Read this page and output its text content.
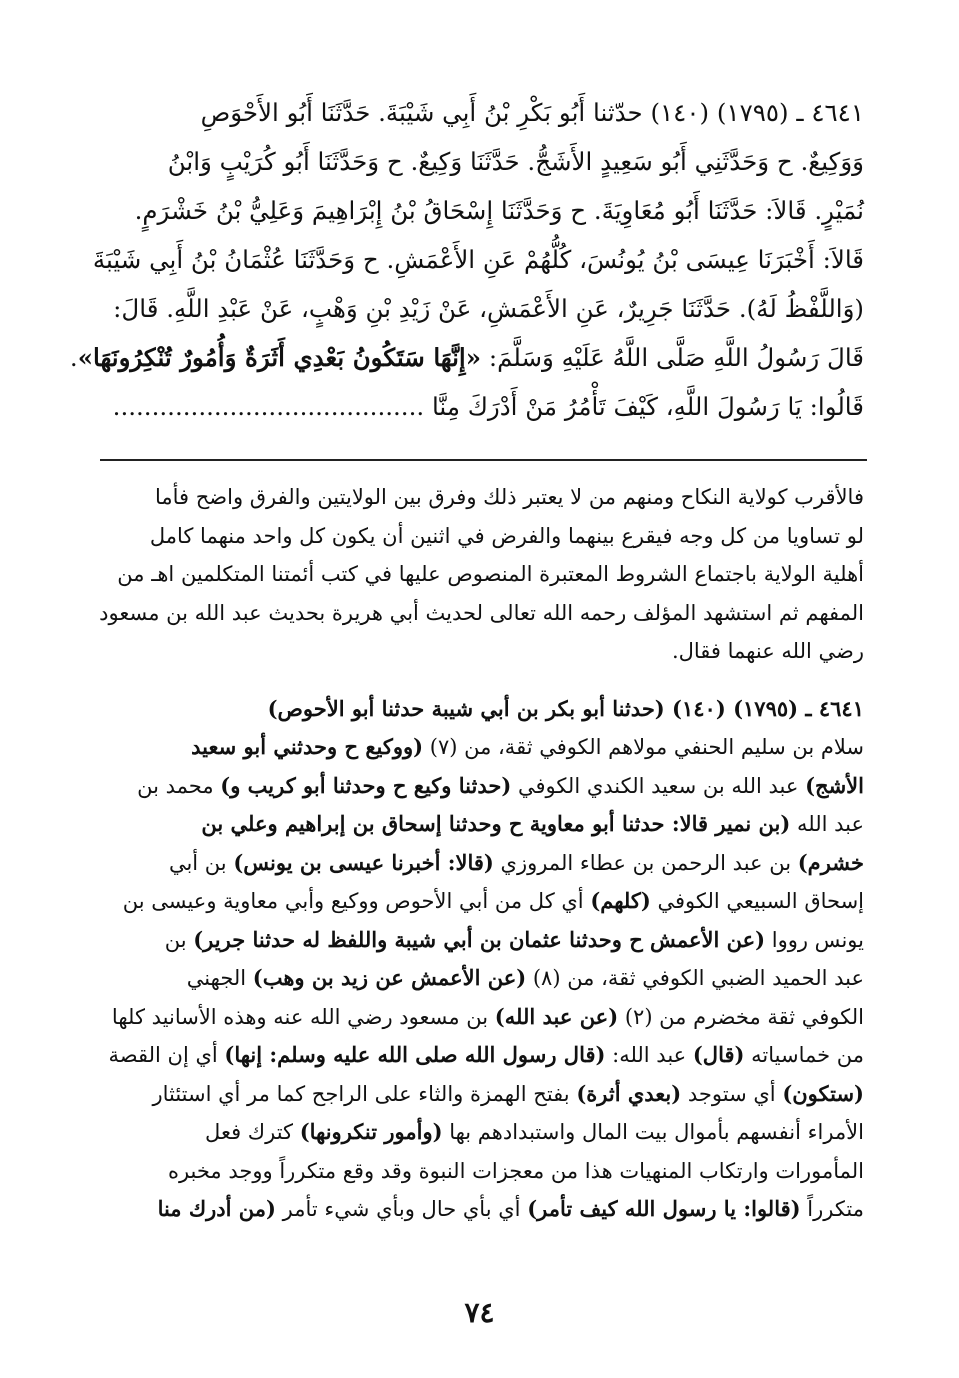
٤٦٤١ ـ (١٧٩٥) (١٤٠) حدّثنا أَبُو بَكْرِ بْنُ أَبِي شَيْبَةَ. حَدَّثَنَا أَبُو الأَحْوَصِ
وَوَكِيعٌ. ح وَحَدَّثَنِي أَبُو سَعِيدٍ الأَشَجُّ. حَدَّثَنَا وَكِيعٌ. ح وَحَدَّثَنَا أَبُو كُرَيْبٍ وَابْنُ
نُمَيْرٍ. قَالاَ: حَدَّثَنَا أَبُو مُعَاوِيَةَ. ح وَحَدَّثَنَا إِسْحَاقُ بْنُ إِبْرَاهِيمَ وَعَلِيُّ بْنُ خَشْرَمٍ.
قَالاَ: أَخْبَرَنَا عِيسَى بْنُ يُونُسَ، كُلُّهُمْ عَنِ الأَعْمَشِ. ح وَحَدَّثَنَا عُثْمَانُ بْنُ أَبِي شَيْبَةَ
(وَاللَّفْظُ لَهُ). حَدَّثَنَا جَرِيرٌ، عَنِ الأَعْمَشِ، عَنْ زَيْدِ بْنِ وَهْبٍ، عَنْ عَبْدِ اللَّهِ. قَالَ:
قَالَ رَسُولُ اللَّهِ صَلَّى اللَّهُ عَلَيْهِ وَسَلَّمَ: «إِنَّهَا سَتَكُونُ بَعْدِي أَثَرَةٌ وَأُمُورٌ تُنْكِرُونَهَا».
قَالُوا: يَا رَسُولَ اللَّهِ، كَيْفَ تَأْمُرُ مَنْ أَدْرَكَ مِنَّا ........................................
فالأقرب كولاية النكاح ومنهم من لا يعتبر ذلك وفرق بين الولايتين والفرق واضح فأما
لو تساويا من كل وجه فيقرع بينهما والفرض في اثنين أن يكون كل واحد منهما كامل
أهلية الولاية باجتماع الشروط المعتبرة المنصوص عليها في كتب أئمتنا المتكلمين اهـ من
المفهم ثم استشهد المؤلف رحمه الله تعالى لحديث أبي هريرة بحديث عبد الله بن مسعود
رضي الله عنهما فقال.
٤٦٤١ ـ (١٧٩٥) (١٤٠) (حدثنا أبو بكر بن أبي شيبة حدثنا أبو الأحوص)
سلام بن سليم الحنفي مولاهم الكوفي ثقة، من (٧) (ووكيع ح وحدثني أبو سعيد
الأشج) عبد الله بن سعيد الكندي الكوفي (حدثنا وكيع ح وحدثنا أبو كريب و) محمد بن
عبد الله (بن نمير قالا: حدثنا أبو معاوية ح وحدثنا إسحاق بن إبراهيم وعلي بن
خشرم) بن عبد الرحمن بن عطاء المروزي (قالا: أخبرنا عيسى بن يونس) بن أبي
إسحاق السبيعي الكوفي (كلهم) أي كل من أبي الأحوص ووكيع وأبي معاوية وعيسى بن
يونس رووا (عن الأعمش ح وحدثنا عثمان بن أبي شيبة واللفظ له حدثنا جرير) بن
عبد الحميد الضبي الكوفي ثقة، من (٨) (عن الأعمش عن زيد بن وهب) الجهني
الكوفي ثقة مخضرم من (٢) (عن عبد الله) بن مسعود رضي الله عنه وهذه الأسانيد كلها
من خماسياته (قال) عبد الله: (قال رسول الله صلى الله عليه وسلم: إنها) أي إن القصة
(ستكون) أي ستوجد (بعدي أثرة) بفتح الهمزة والثاء على الراجح كما مر أي استئثار
الأمراء أنفسهم بأموال بيت المال واستبدادهم بها (وأمور تنكرونها) كترك فعل
المأمورات وارتكاب المنهيات هذا من معجزات النبوة وقد وقع متكرراً ووجد مخبره
متكرراً (قالوا: يا رسول الله كيف تأمر) أي بأي حال وبأي شيء تأمر (من أدرك منا
٧٤
